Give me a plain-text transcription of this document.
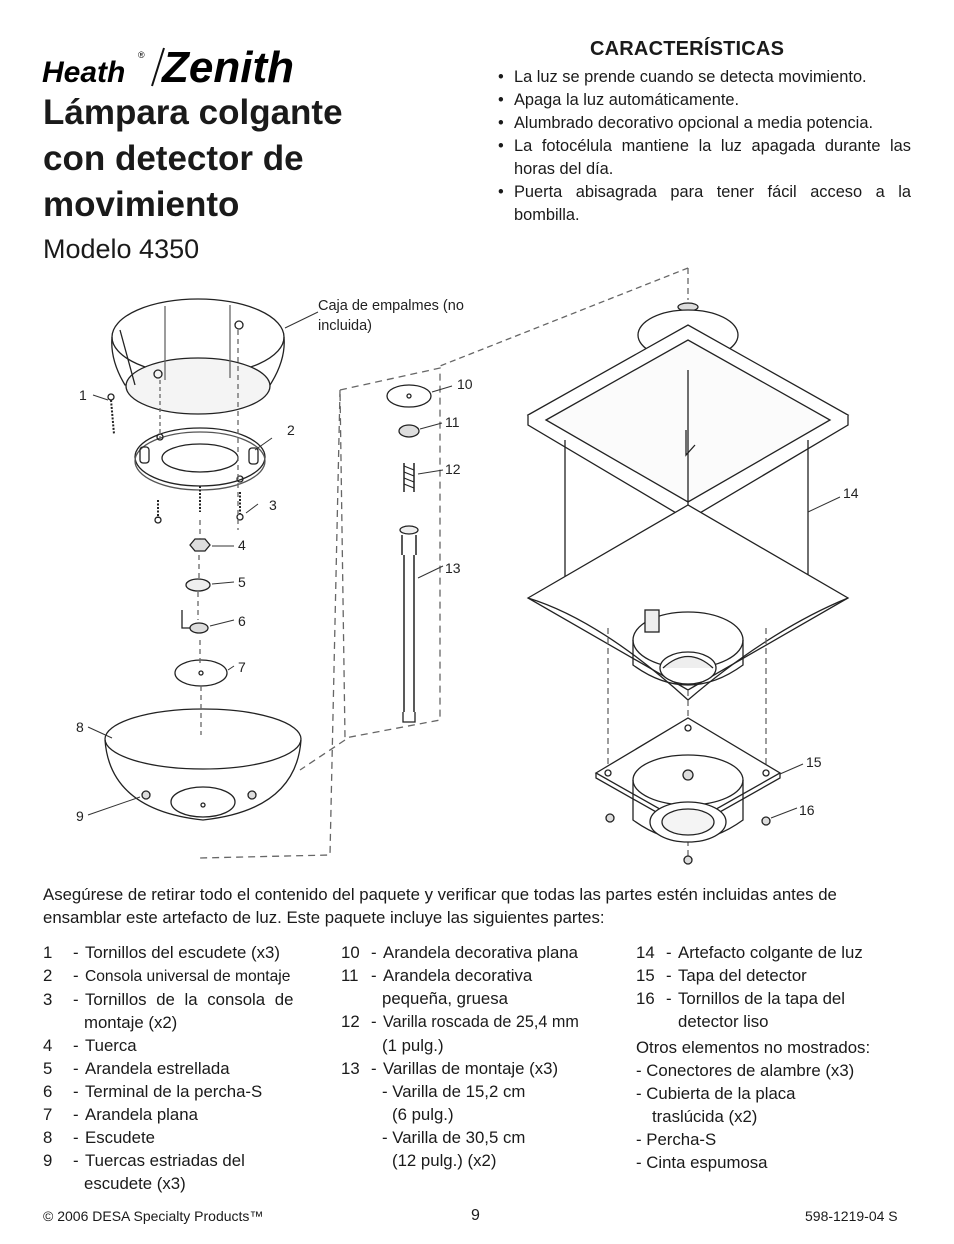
Heath
® Zenith
Lámpara colgante
con detector de
movimiento
Modelo 4350
CARACTERÍSTICAS
• La luz se prende cuando se detecta movimiento.
• Apaga la luz automáticamente.
• Alumbrado decorativo opcional a media potencia.
• La fotocélula mantiene la luz apagada durante las horas del día.
• Puerta abisagrada para tener fácil acceso a la bombilla.
Caja de empalmes (no incluida)
1
2
3
4
5
6
7
8
9
10
11
12
13
14
15
16

Asegúrese de retirar todo el contenido del paquete y verificar que todas las partes estén incluidas antes de ensamblar este artefacto de luz. Este paquete incluye las siguientes partes:

1 - Tornillos del escudete (x3)
2 - Consola universal de montaje
3 - Tornillos de la consola de
montaje (x2)
4 - Tuerca
5 - Arandela estrellada
6 - Terminal de la percha-S
7 - Arandela plana
8 - Escudete
9 - Tuercas estriadas del
escudete (x3)
10 - Arandela decorativa plana
11 - Arandela decorativa
pequeña, gruesa
12 - Varilla roscada de 25,4 mm
(1 pulg.)
13 - Varillas de montaje (x3)
- Varilla de 15,2 cm
(6 pulg.)
- Varilla de 30,5 cm
(12 pulg.) (x2)
14 - Artefacto colgante de luz
15 - Tapa del detector
16 - Tornillos de la tapa del
detector liso
Otros elementos no mostrados:
- Conectores de alambre (x3)
- Cubierta de la placa
traslúcida (x2)
- Percha-S
- Cinta espumosa
© 2006 DESA Specialty Products™	9	598-1219-04 S
